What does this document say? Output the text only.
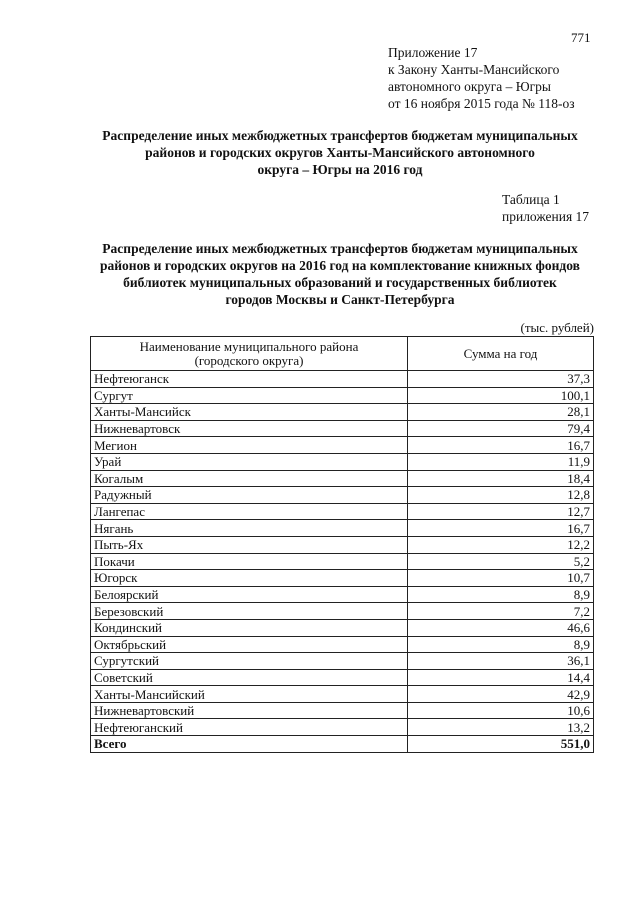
771
Приложение 17
к Закону Ханты-Мансийского
автономного округа – Югры
от 16 ноября 2015 года № 118-оз
Распределение иных межбюджетных трансфертов бюджетам муниципальных
районов и городских округов Ханты-Мансийского автономного
округа – Югры на 2016 год
Таблица 1
приложения 17
Распределение иных межбюджетных трансфертов бюджетам муниципальных
районов и городских округов на 2016 год на комплектование книжных фондов
библиотек муниципальных образований и государственных библиотек
городов Москвы и Санкт-Петербурга
(тыс. рублей)
Наименование муниципального района
(городского округа)	Сумма на год
Нефтеюганск	37,3
Сургут	100,1
Ханты-Мансийск	28,1
Нижневартовск	79,4
Мегион	16,7
Урай	11,9
Когалым	18,4
Радужный	12,8
Лангепас	12,7
Нягань	16,7
Пыть-Ях	12,2
Покачи	5,2
Югорск	10,7
Белоярский	8,9
Березовский	7,2
Кондинский	46,6
Октябрьский	8,9
Сургутский	36,1
Советский	14,4
Ханты-Мансийский	42,9
Нижневартовский	10,6
Нефтеюганский	13,2
Всего	551,0
